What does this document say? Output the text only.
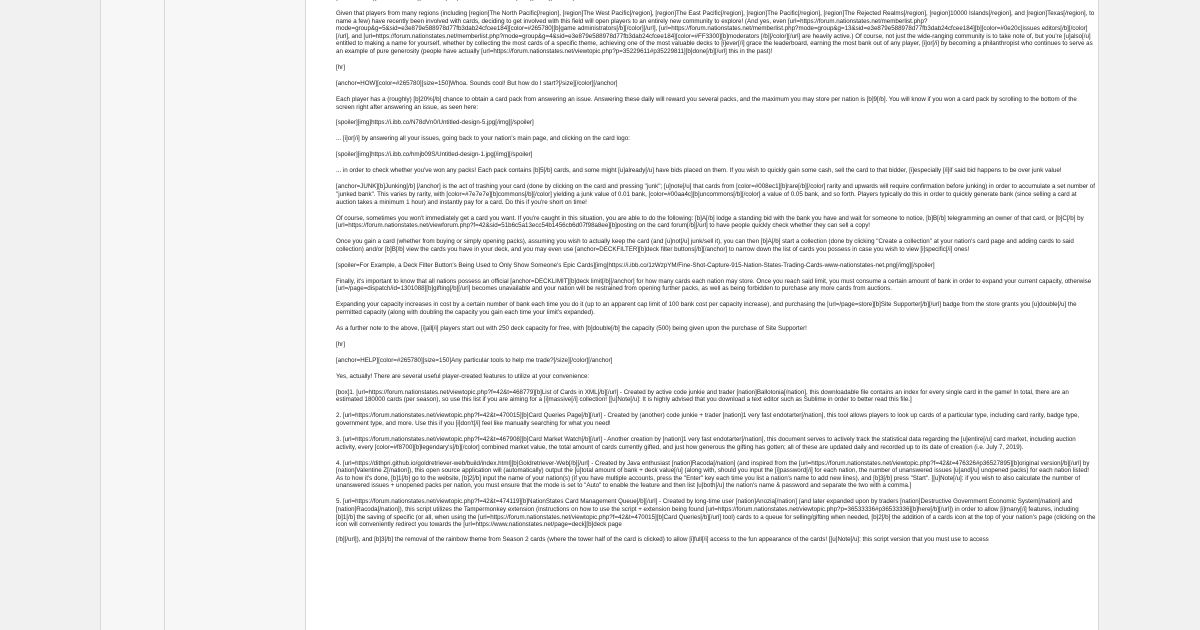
Given that players from many regions (including [region]The North Pacific[/region], [region]The West Pacific[/region], [region]The East Pacific[/region], [region]The Pacific[/region], [region]The Rejected Realms[/region], [region]10000 Islands[/region], and [region]Texas[/region], to name a few) have recently been involved with cards, deciding to get involved with this field will open players to an entirely new community to explore! (And yes, even [url=https://forum.nationstates.net/memberlist.php?mode=group&g=5&sid=e3e879e588978d77fb3dab24cfcee184][color=#265780][b]game administrators[/b][/color][/url], [url=https://forum.nationstates.net/memberlist.php?mode=group&g=13&sid=e3e879e588978d77fb3dab24cfcee184][b][color=#0e20c]issues editors[/b][/color][/url], and [url=https://forum.nationstates.net/memberlist.php?mode=group&g=4&sid=e3e879e588978d77fb3dab24cfcee184][color=#FF3300][b]moderators [/b][/color][/url] are heavily active.) Of course, not just the wide-ranging community is to take note of, but you're [u]also[/u] entitled to making a name for yourself, whether by collecting the most cards of a specific theme, achieving one of the most valuable decks to [i]ever[/i] grace the leaderboard, earning the most bank out of any player, [i]or[/i] by becoming a philanthropist who continues to serve as an example of pure generosity (people have actually [url=https://forum.nationstates.net/viewtopic.php?p=35229611#p35229811][b]done[/b][/url] this in the past)!

[hr]

[anchor=HOW][color=#265780][size=150]Whoa. Sounds cool! But how do I start?[/size][/color][/anchor]

Each player has a (roughly) [b]20%[/b] chance to obtain a card pack from answering an issue. Answering these daily will reward you several packs, and the maximum you may store per nation is [b]9[/b]. You will know if you won a card pack by scrolling to the bottom of the screen right after answering an issue, as seen here:

[spoiler][img]https://i.ibb.co/N78dVn0/Untitled-design-5.jpg[/img][/spoiler]

... [i]or[/i] by answering all your issues, going back to your nation's main page, and clicking on the card logo:

[spoiler][img]https://i.ibb.co/hmjb09S/Untitled-design-1.jpg[/img][/spoiler]

... in order to check whether you've won any packs! Each pack contains [b]5[/b] cards, and some might [u]already[/u] have bids placed on them. If you wish to quickly gain some cash, sell the card to that bidder, [i]especially [/i]if said bid happens to be over junk value!

[anchor=JUNK][b]Junking[/b] [/anchor] is the act of trashing your card (done by clicking on the card and pressing "junk"; [u]note[/u] that cards from [color=#008ec1][b]rare[/b][/color] rarity and upwards will require confirmation before junking) in order to accumulate a set number of "junked bank". This varies by rarity, with [color=#7e7e7e][b]commons[/b][/color] yielding a junk value of 0.01 bank, [color=#00aa4c][b]uncommons[/b][/color] a value of 0.05 bank, and so forth. Players typically do this in order to quickly generate bank (since selling a card at auction takes a minimum 1 hour) and instantly pay for a card. Do this if you're short on time!

Of course, sometimes you won't immediately get a card you want. If you're caught in this situation, you are able to do the following: [b]A[/b] lodge a standing bid with the bank you have and wait for someone to notice, [b]B[/b] telegramming an owner of that card, or [b]C[/b] by [url=https://forum.nationstates.net/viewforum.php?f=42&sid=51b6c5a13ecc54b1456cb6d07f98a8ee][b]posting on the card forum[/b][/url] to have people quickly check whether they can sell a copy!

Once you gain a card (whether from buying or simply opening packs), assuming you wish to actually keep the card (and [u]not[/u] junk/sell it), you can then [b]A[/b] start a collection (done by clicking "Create a collection" at your nation's card page and adding cards to said collection) and/or [b]B[/b] view the cards you have in your deck, and you may even use [anchor=DECKFILTER][b]deck filter buttons[/b][/anchor] to narrow down the list of cards you possess in case you wish to view [i]specific[/i] ones!

[spoiler=For Example, a Deck Filter Button's Being Used to Only Show Someone's Epic Cards][img]https://i.ibb.co/1zWzpYM/Fine-Shot-Capture-915-Nation-States-Trading-Cards-www-nationstates-net.png[/img][/spoiler]

Finally, it's important to know that all nations possess an official [anchor=DECKLIMIT][b]deck limit[/b][/anchor] for how many cards each nation may store. Once you reach said limit, you must consume a certain amount of bank in order to expand your current capacity, otherwise [url=/page=dispatch/id=1301088][b]gifting[/b][/url] becomes unavailable and your nation will be restrained from opening further packs, as well as being forbidden to purchase any more cards from auctions.

Expanding your capacity increases in cost by a certain number of bank each time you do it (up to an apparent cap limit of 100 bank cost per capacity increase), and purchasing the [url=/page=store][b]Site Supporter[/b][/url] badge from the store grants you [u]double[/u] the permitted capacity (along with doubling the capacity you gain each time your limit's expanded).

As a further note to the above, [i]all[/i] players start out with 250 deck capacity for free, with [b]double[/b] the capacity (500) being given upon the purchase of Site Supporter!

[hr]

[anchor=HELP][color=#265780][size=150]Any particular tools to help me trade?[/size][/color][/anchor]

Yes, actually! There are several useful player-created features to utilize at your convenience:

[box]1. [url=https://forum.nationstates.net/viewtopic.php?f=42&t=468779][b]List of Cards in XML[/b][/url] - Created by active code junkie and trader [nation]Ballotonia[/nation], this downloadable file contains an index for every single card in the game! In total, there are an estimated 180000 cards (per season), so use this list if you are aiming for a [i]massive[/i] collection! [[u]Note[/u]: It is highly advised that you download a text editor such as Sublime in order to better read this file.]

2. [url=https://forum.nationstates.net/viewtopic.php?f=42&t=470015][b]Card Queries Page[/b][/url] - Created by (another) code junkie + trader [nation]1 very fast endotarter[/nation], this tool allows players to look up cards of a particular type, including card rarity, badge type, government type, and more. Use this if you [i]don't[/i] feel like manually searching for what you need!

3. [url=https://forum.nationstates.net/viewtopic.php?f=42&t=467908][b]Card Market Watch[/b][/url] - Another creation by [nation]1 very fast endotarter[/nation], this document serves to actively track the statistical data regarding the [u]entire[/u] card market, including auction activity, every [color=#f8700][b]legendary's[/b][/color] combined market value, the total amount of cards currently gifted, and just how generous the gifting has gotten; all of these are updated daily and recorded up to its date of creation (i.e. July 7, 2019).

4. [url=https://dithpri.github.io/goldretriever-web/build/index.html][b]Goldretriever-Web[/b][/url] - Created by Java enthusiast [nation]Racoda[/nation] (and inspired from the [url=https://forum.nationstates.net/viewtopic.php?f=42&t=476326#p36527895][b]original version[/b][/url] by [nation]Valentine Z[/nation]), this open source application will (automatically) output the [u]total amount of bank + deck value[/u] (along with, should you input the [i]password[/i] for each nation, the number of unanswered issues [u]and[/u] unopened packs) for each nation listed! As to how it's done, [b]1[/b] go to the website, [b]2[/b] input the name of your nation(s) (if you have multiple accounts, press the "Enter" key each time you list a nation's name to add new lines), and [b]3[/b] press "Start". [[u]Note[/u]: if you wish to also calculate the number of unanswered issues + unopened packs per nation, you must ensure that the mode is set to "Auto" to enable the feature and then list [u]both[/u] the nation's name & password and separate the two with a comma.]

5. [url=https://forum.nationstates.net/viewtopic.php?f=42&t=474119][b]NationStates Card Management Queue[/b][/url] - Created by long-time user [nation]Anozia[/nation] (and later expanded upon by traders [nation]Destructive Government Economic System[/nation] and [nation]Racoda[/nation]), this script utilizes the Tampermonkey extension (instructions on how to use the script + extension being found [url=https://forum.nationstates.net/viewtopic.php?p=36533336#p36533336][b]here[/b][/url]) in order to allow [i]many[/i] features, including [b]1[/b] the saving of specific (or all, when using the [url=https://forum.nationstates.net/viewtopic.php?f=42&t=470015][b]Card Queries[/b][/url] tool) cards to a queue for selling/gifting when needed, [b]2[/b] the addition of a cards icon at the top of your nation's page (clicking on the icon will conveniently redirect you towards the [url=https://www.nationstates.net/page=deck][b]deck page

[/b][/url]), and [b]3[/b] the removal of the rainbow theme from Season 2 cards (where the tower half of the card is clicked) to allow [i]full[/i] access to the fun appearance of the cards! [[u]Note[/u]: this script version that you must use to access
